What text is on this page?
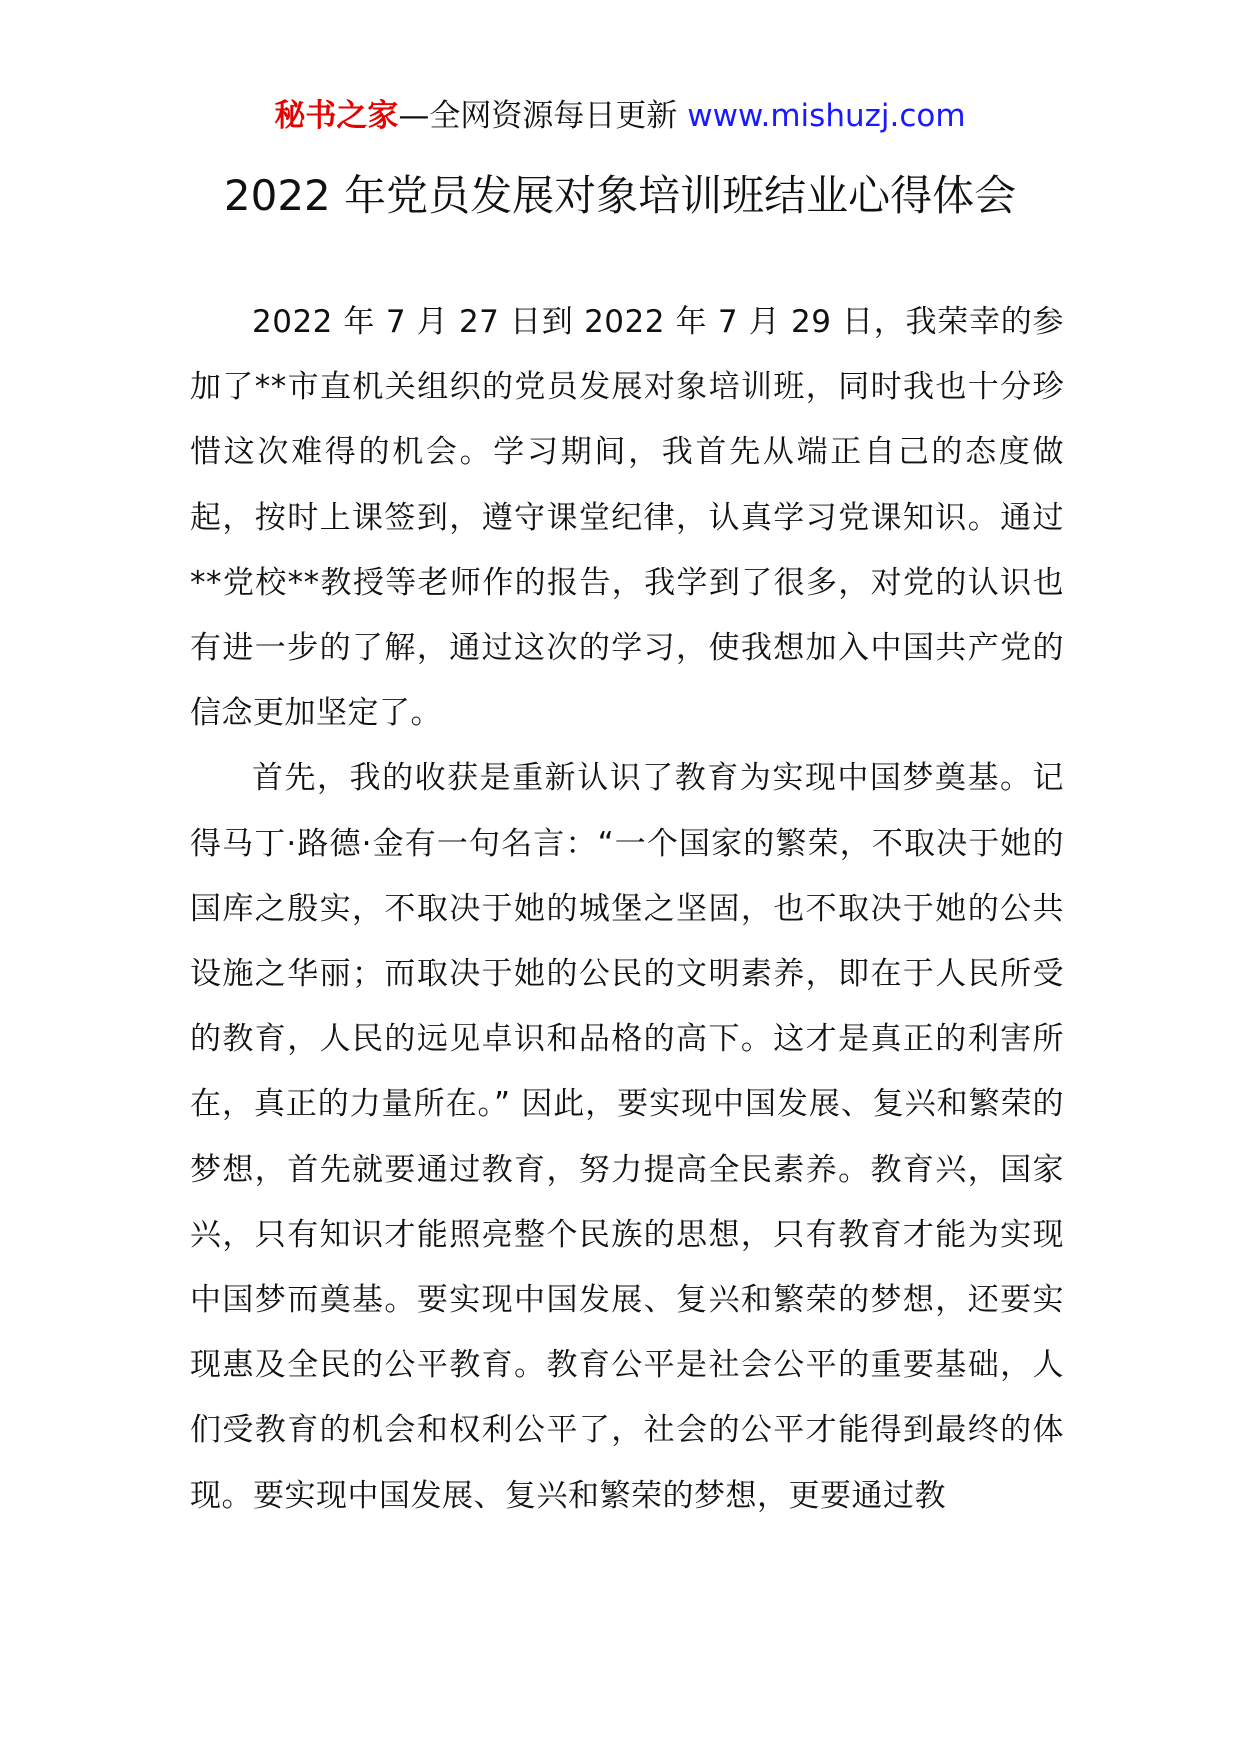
秘书之家—全网资源每日更新 www.mishuzj.com
2022 年党员发展对象培训班结业心得体会

2022 年 7 月 27 日到 2022 年 7 月 29 日，我荣幸的参加了**市直机关组织的党员发展对象培训班，同时我也十分珍惜这次难得的机会。学习期间，我首先从端正自己的态度做起，按时上课签到，遵守课堂纪律，认真学习党课知识。通过**党校**教授等老师作的报告，我学到了很多，对党的认识也有进一步的了解，通过这次的学习，使我想加入中国共产党的信念更加坚定了。

首先，我的收获是重新认识了教育为实现中国梦奠基。记得马丁·路德·金有一句名言：“一个国家的繁荣，不取决于她的国库之殷实，不取决于她的城堡之坚固，也不取决于她的公共设施之华丽；而取决于她的公民的文明素养，即在于人民所受的教育，人民的远见卓识和品格的高下。这才是真正的利害所在，真正的力量所在。” 因此，要实现中国发展、复兴和繁荣的梦想，首先就要通过教育，努力提高全民素养。教育兴，国家兴，只有知识才能照亮整个民族的思想，只有教育才能为实现中国梦而奠基。要实现中国发展、复兴和繁荣的梦想，还要实现惠及全民的公平教育。教育公平是社会公平的重要基础，人们受教育的机会和权利公平了，社会的公平才能得到最终的体现。要实现中国发展、复兴和繁荣的梦想，更要通过教
